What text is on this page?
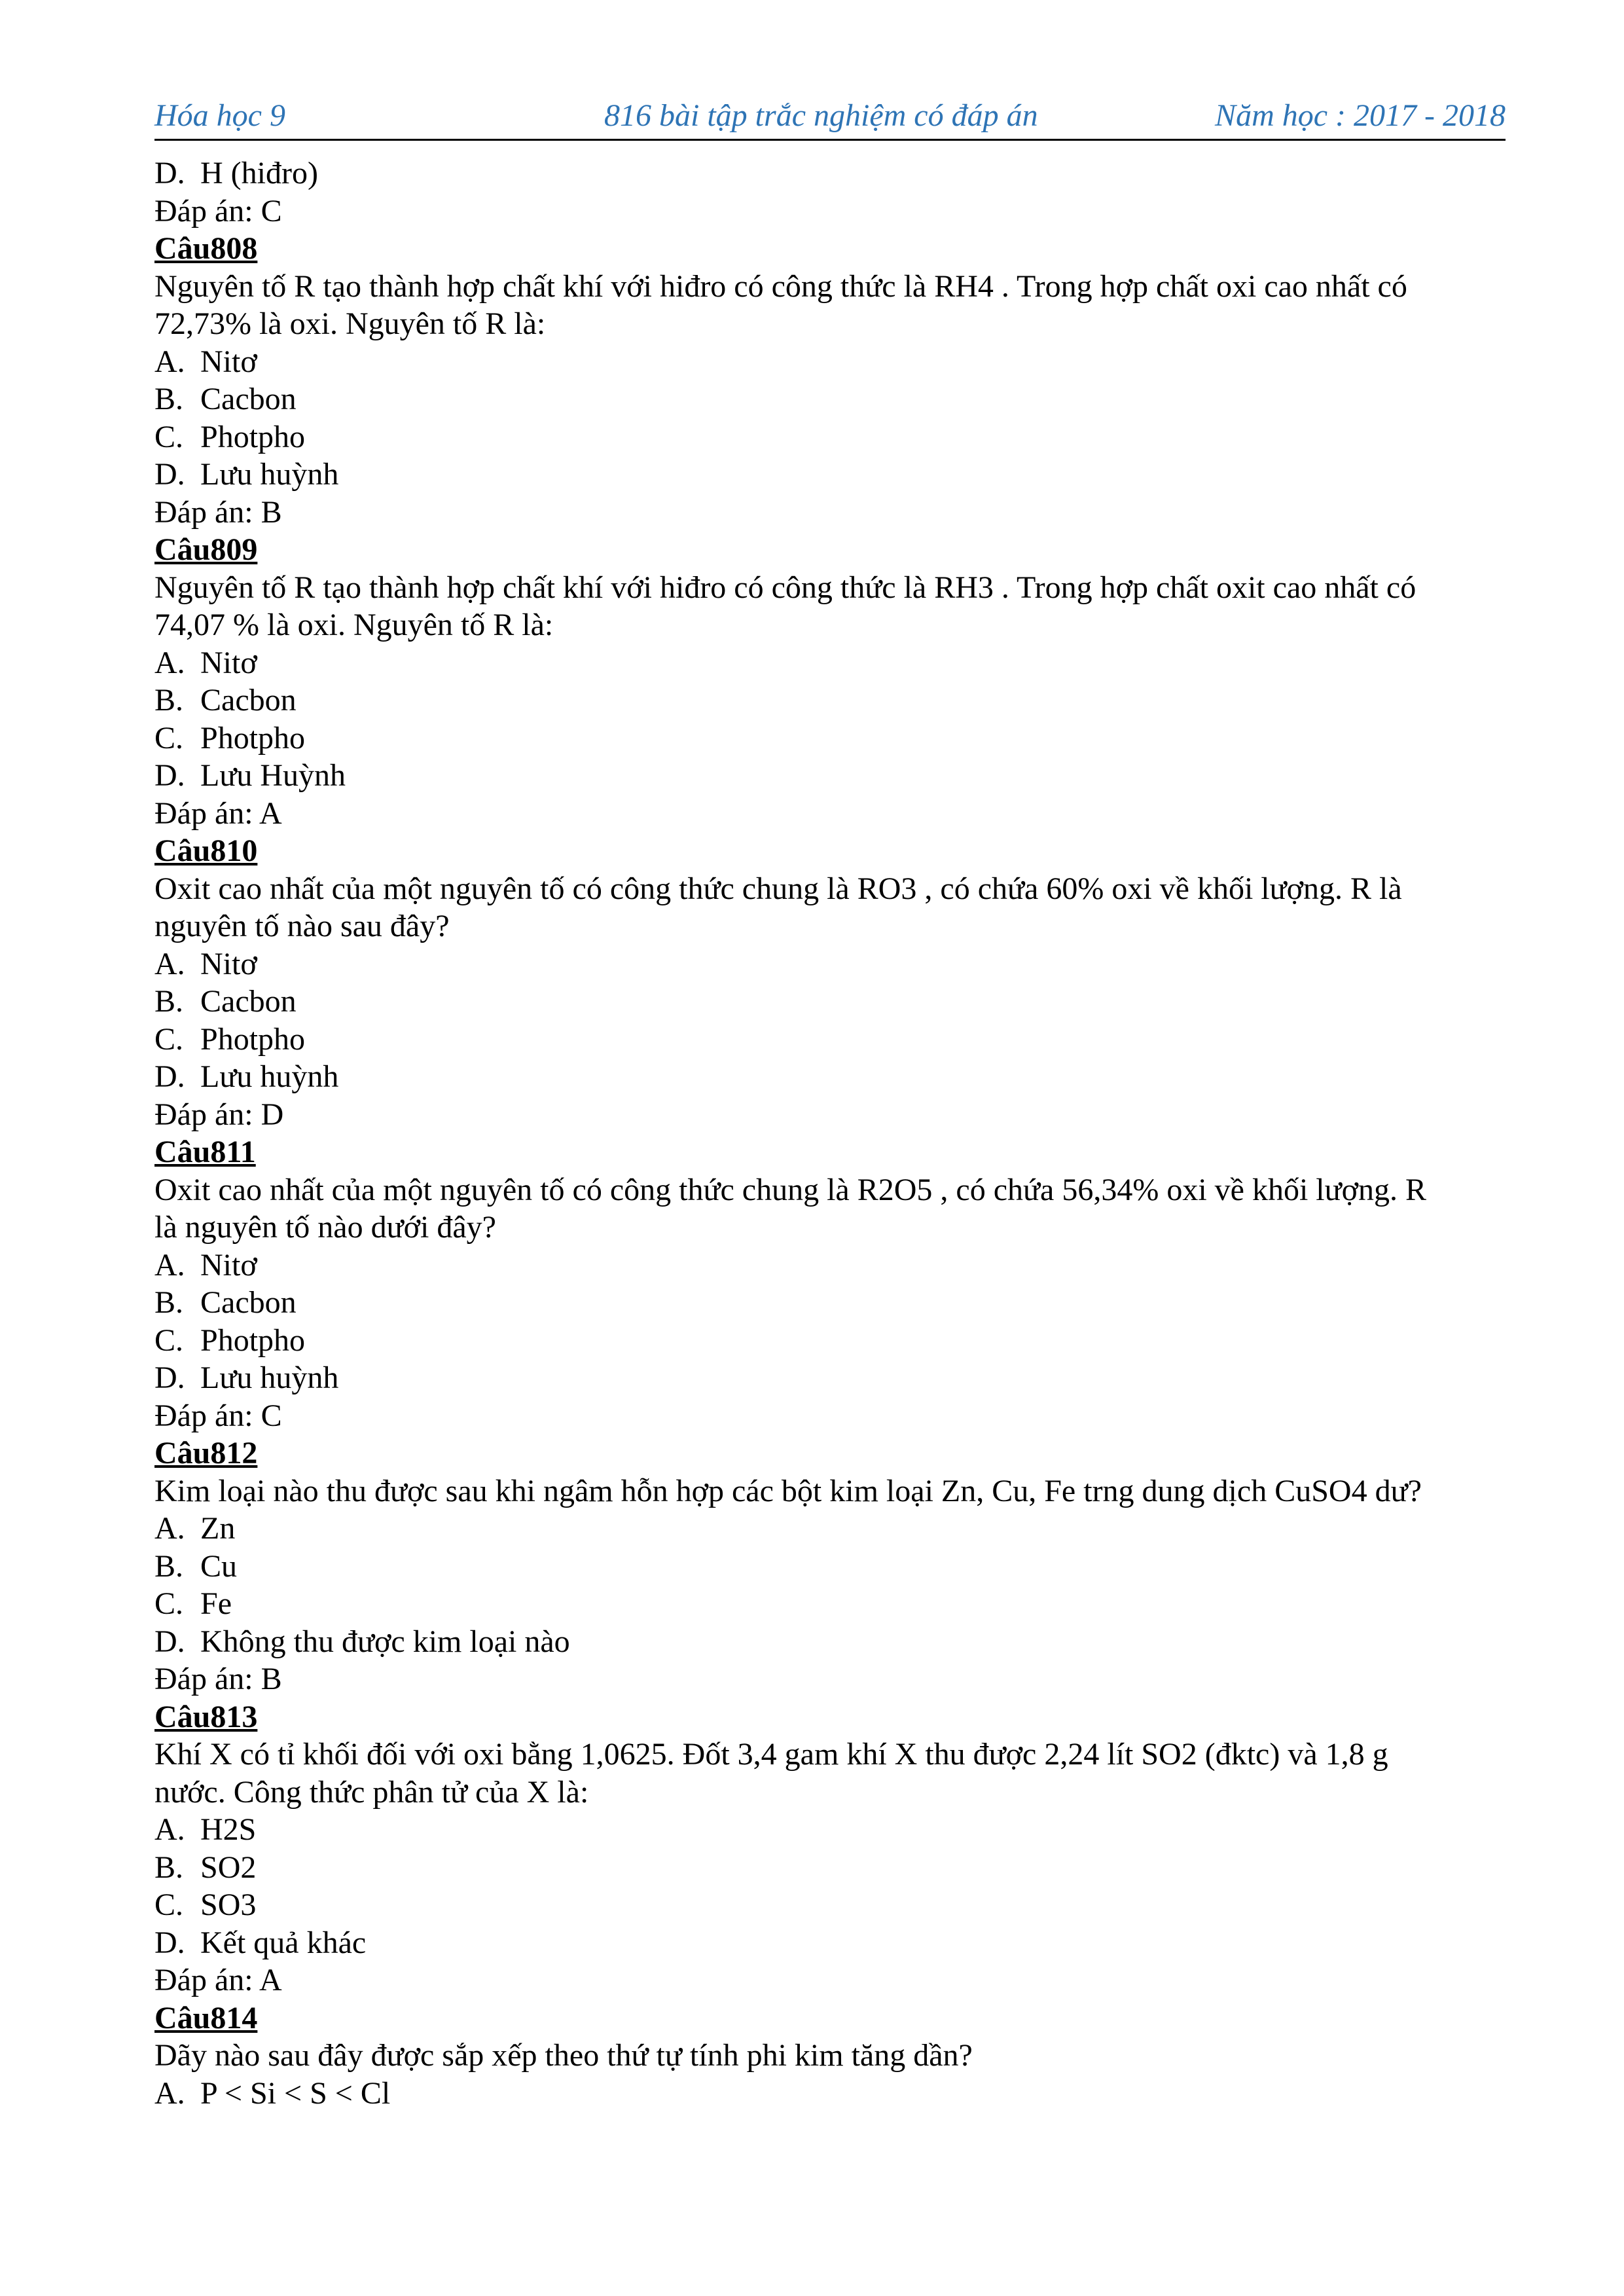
Hóa học 9	816 bài tập trắc nghiệm có đáp án	Năm học : 2017 - 2018
D. H (hiđro)
Đáp án: C
Câu808
Nguyên tố R tạo thành hợp chất khí với hiđro có công thức là RH4 . Trong hợp chất oxi cao nhất có
72,73% là oxi. Nguyên tố R là:
A. Nitơ
B. Cacbon
C. Photpho
D. Lưu huỳnh
Đáp án: B
Câu809
Nguyên tố R tạo thành hợp chất khí với hiđro có công thức là RH3 . Trong hợp chất oxit cao nhất có
74,07 % là oxi. Nguyên tố R là:
A. Nitơ
B. Cacbon
C. Photpho
D. Lưu Huỳnh
Đáp án: A
Câu810
Oxit cao nhất của một nguyên tố có công thức chung là RO3 , có chứa 60% oxi về khối lượng. R là
nguyên tố nào sau đây?
A. Nitơ
B. Cacbon
C. Photpho
D. Lưu huỳnh
Đáp án: D
Câu811
Oxit cao nhất của một nguyên tố có công thức chung là R2O5 , có chứa 56,34% oxi về khối lượng. R
là nguyên tố nào dưới đây?
A. Nitơ
B. Cacbon
C. Photpho
D. Lưu huỳnh
Đáp án: C
Câu812
Kim loại nào thu được sau khi ngâm hỗn hợp các bột kim loại Zn, Cu, Fe trng dung dịch CuSO4 dư?
A. Zn
B. Cu
C. Fe
D. Không thu được kim loại nào
Đáp án: B
Câu813
Khí X có tỉ khối đối với oxi bằng 1,0625. Đốt 3,4 gam khí X thu được 2,24 lít SO2 (đktc) và 1,8 g
nước. Công thức phân tử của X là:
A. H2S
B. SO2
C. SO3
D. Kết quả khác
Đáp án: A
Câu814
Dãy nào sau đây được sắp xếp theo thứ tự tính phi kim tăng dần?
A. P < Si < S < Cl
